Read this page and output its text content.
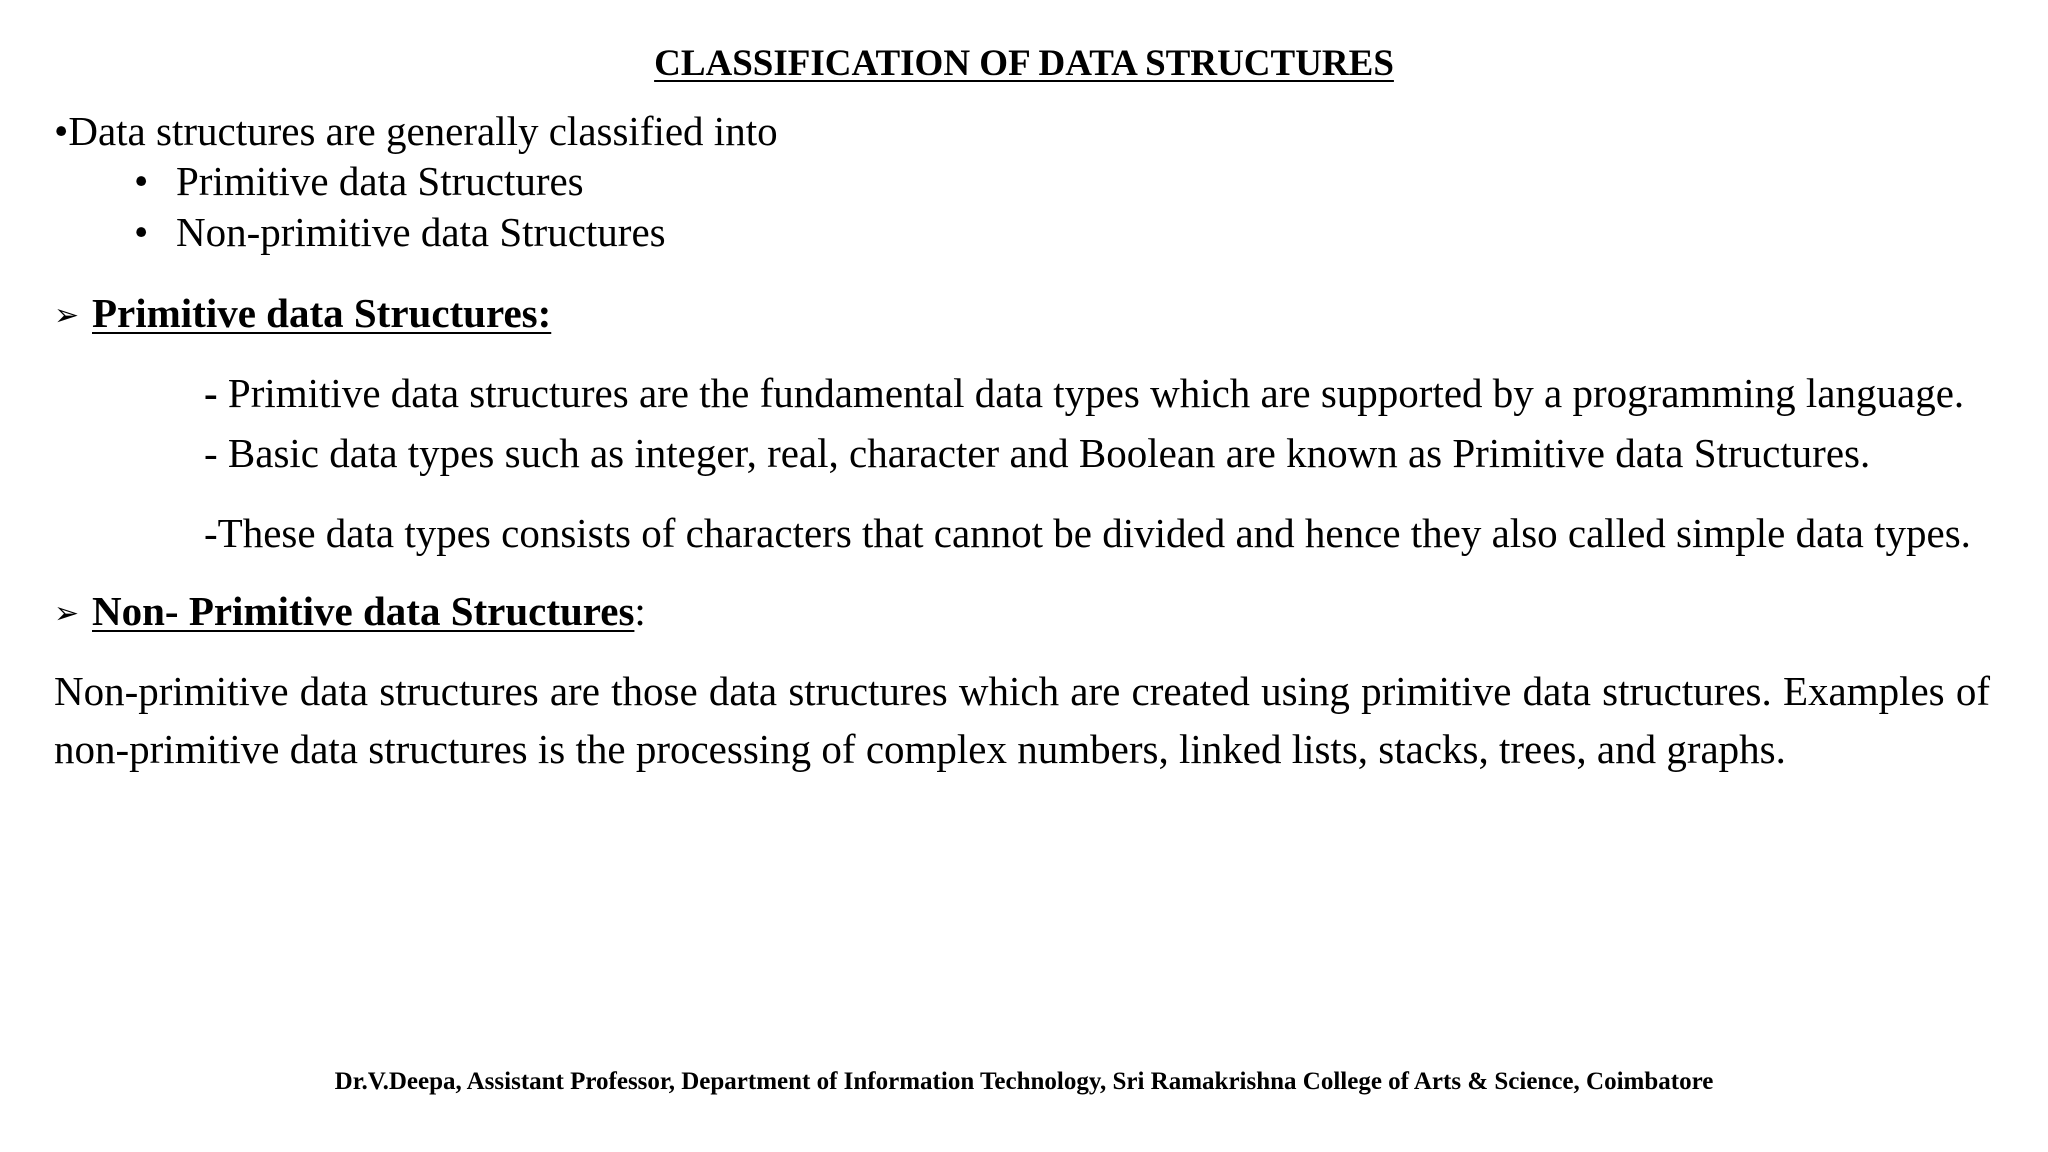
CLASSIFICATION OF DATA STRUCTURES
•Data structures are generally classified into
• Primitive data Structures
• Non-primitive data Structures
➢ Primitive data Structures:
- Primitive data structures are the fundamental data types which are supported by a programming language.
- Basic data types such as integer, real, character and Boolean are known as Primitive data Structures.
-These data types consists of characters that cannot be divided and hence they also called simple data types.
➢ Non- Primitive data Structures:

Non-primitive data structures are those data structures which are created using primitive data structures. Examples of non-primitive data structures is the processing of complex numbers, linked lists, stacks, trees, and graphs.

Dr.V.Deepa, Assistant Professor, Department of Information Technology, Sri Ramakrishna College of Arts & Science, Coimbatore
